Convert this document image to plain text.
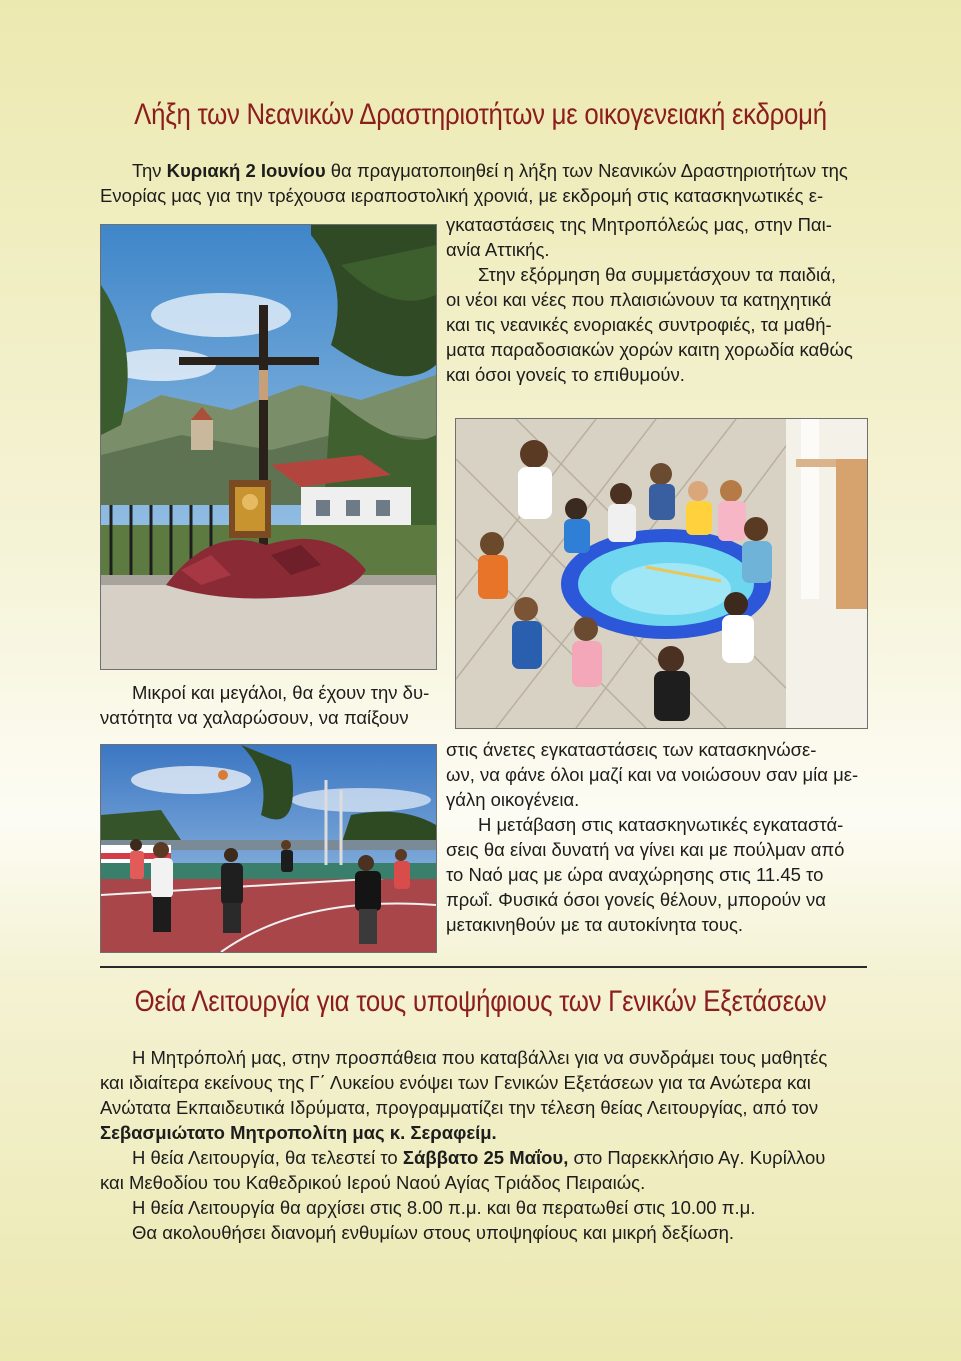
Λήξη των Νεανικών Δραστηριοτήτων με οικογενειακή εκδρομή
Την Κυριακή 2 Ιουνίου θα πραγματοποιηθεί η λήξη των Νεανικών Δραστηριοτήτων της
Ενορίας μας για την τρέχουσα ιεραποστολική χρονιά, με εκδρομή στις κατασκηνωτικές ε-
γκαταστάσεις της Μητροπόλεώς μας, στην Παι-
ανία Αττικής.
Στην εξόρμηση θα συμμετάσχουν τα παιδιά,
οι νέοι και νέες που πλαισιώνουν τα κατηχητικά
και τις νεανικές ενοριακές συντροφιές, τα μαθή-
ματα παραδοσιακών χορών καιτη χορωδία καθώς
και όσοι γονείς το επιθυμούν.
Μικροί και μεγάλοι, θα έχουν την δυ-
νατότητα να χαλαρώσουν, να παίξουν
στις άνετες εγκαταστάσεις των κατασκηνώσε-
ων, να φάνε όλοι μαζί και να νοιώσουν σαν μία με-
γάλη οικογένεια.
Η μετάβαση στις κατασκηνωτικές εγκαταστά-
σεις θα είναι δυνατή να γίνει και με πούλμαν από
το Ναό μας με ώρα αναχώρησης στις 11.45 το
πρωΐ. Φυσικά όσοι γονείς θέλουν, μπορούν να
μετακινηθούν με τα αυτοκίνητα τους.
Θεία Λειτουργία για τους υποψήφιους των Γενικών Εξετάσεων
Η Μητρόπολή μας, στην προσπάθεια που καταβάλλει για να συνδράμει τους μαθητές
και ιδιαίτερα εκείνους της Γ΄ Λυκείου ενόψει των Γενικών Εξετάσεων για τα Ανώτερα και
Ανώτατα Εκπαιδευτικά Ιδρύματα, προγραμματίζει την τέλεση θείας Λειτουργίας, από τον
Σεβασμιώτατο Μητροπολίτη μας κ. Σεραφείμ.
Η θεία Λειτουργία, θα τελεστεί το Σάββατο 25 Μαΐου, στο Παρεκκλήσιο Αγ. Κυρίλλου
και Μεθοδίου του Καθεδρικού Ιερού Ναού Αγίας Τριάδος Πειραιώς.
Η θεία Λειτουργία θα αρχίσει στις 8.00 π.μ. και θα περατωθεί στις 10.00 π.μ.
Θα ακολουθήσει διανομή ενθυμίων στους υποψηφίους και μικρή δεξίωση.
